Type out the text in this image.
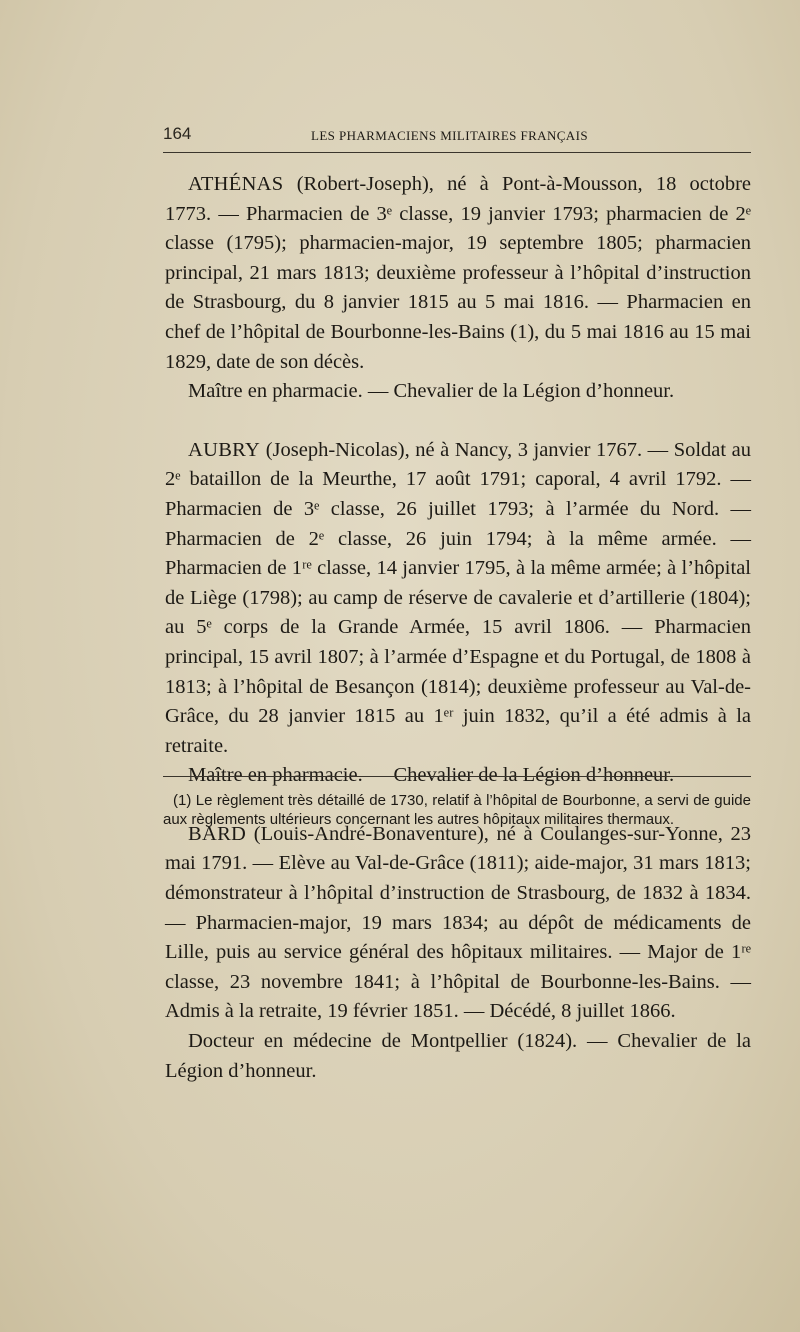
164	LES PHARMACIENS MILITAIRES FRANÇAIS

ATHÉNAS (Robert-Joseph), né à Pont-à-Mousson, 18 octobre 1773. — Pharmacien de 3ᵉ classe, 19 janvier 1793; pharmacien de 2ᵉ classe (1795); pharmacien-major, 19 septembre 1805; pharmacien principal, 21 mars 1813; deuxième professeur à l’hôpital d’instruction de Strasbourg, du 8 janvier 1815 au 5 mai 1816. — Pharmacien en chef de l’hôpital de Bourbonne-les-Bains (1), du 5 mai 1816 au 15 mai 1829, date de son décès.

Maître en pharmacie. — Chevalier de la Légion d’honneur.

AUBRY (Joseph-Nicolas), né à Nancy, 3 janvier 1767. — Soldat au 2ᵉ bataillon de la Meurthe, 17 août 1791; caporal, 4 avril 1792. — Pharmacien de 3ᵉ classe, 26 juillet 1793; à l’armée du Nord. — Pharmacien de 2ᵉ classe, 26 juin 1794; à la même armée. — Pharmacien de 1ʳᵉ classe, 14 janvier 1795, à la même armée; à l’hôpital de Liège (1798); au camp de réserve de cavalerie et d’artillerie (1804); au 5ᵉ corps de la Grande Armée, 15 avril 1806. — Pharmacien principal, 15 avril 1807; à l’armée d’Espagne et du Portugal, de 1808 à 1813; à l’hôpital de Besançon (1814); deuxième professeur au Val-de-Grâce, du 28 janvier 1815 au 1ᵉʳ juin 1832, qu’il a été admis à la retraite.

Maître en pharmacie. — Chevalier de la Légion d’honneur.

BARD (Louis-André-Bonaventure), né à Coulanges-sur-Yonne, 23 mai 1791. — Elève au Val-de-Grâce (1811); aide-major, 31 mars 1813; démonstrateur à l’hôpital d’instruction de Strasbourg, de 1832 à 1834. — Pharmacien-major, 19 mars 1834; au dépôt de médicaments de Lille, puis au service général des hôpitaux militaires. — Major de 1ʳᵉ classe, 23 novembre 1841; à l’hôpital de Bourbonne-les-Bains. — Admis à la retraite, 19 février 1851. — Décédé, 8 juillet 1866.

Docteur en médecine de Montpellier (1824). — Chevalier de la Légion d’honneur.

(1) Le règlement très détaillé de 1730, relatif à l’hôpital de Bourbonne, a servi de guide aux règlements ultérieurs concernant les autres hôpitaux militaires thermaux.
